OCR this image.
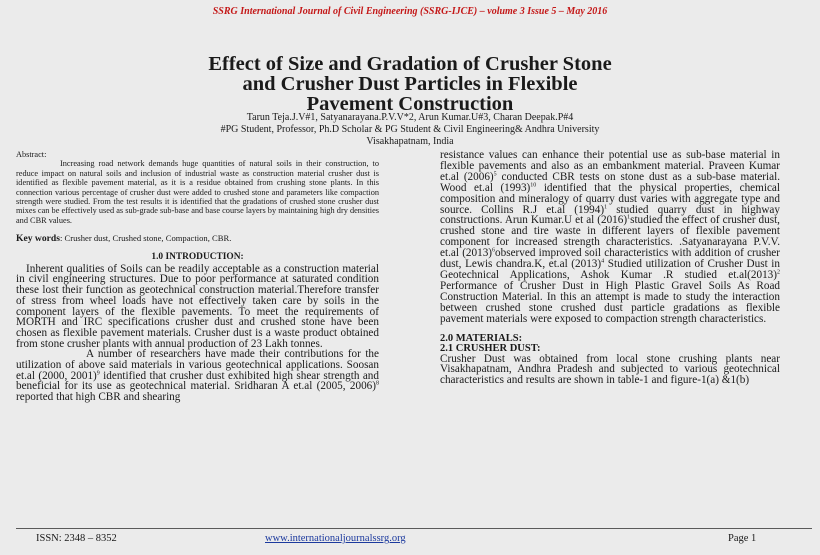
SSRG International Journal of Civil Engineering (SSRG-IJCE) – volume 3 Issue 5 – May 2016
Effect of Size and Gradation of Crusher Stone
and Crusher Dust Particles in Flexible
Pavement Construction
Tarun Teja.J.V#1, Satyanarayana.P.V.V*2, Arun Kumar.U#3, Charan Deepak.P#4
#PG Student, Professor, Ph.D Scholar & PG Student & Civil Engineering& Andhra University
Visakhapatnam, India

Abstract:
Increasing road network demands huge quantities of natural soils in their construction, to reduce impact on natural soils and inclusion of industrial waste as construction material crusher dust is identified as flexible pavement material, as it is a residue obtained from crushing stone plants. In this connection various percentage of crusher dust were added to crushed stone and parameters like compaction strength were studied. From the test results it is identified that the gradations of crushed stone crusher dust mixes can be effectively used as sub-grade sub-base and base course layers by maintaining high dry densities and CBR values.

Key words: Crusher dust, Crushed stone, Compaction, CBR.

1.0 INTRODUCTION:

Inherent qualities of Soils can be readily acceptable as a construction material in civil engineering structures. Due to poor performance at saturated condition these lost their function as geotechnical construction material.Therefore transfer of stress from wheel loads have not effectively taken care by soils in the component layers of the flexible pavements. To meet the requirements of MORTH and IRC specifications crusher dust and crushed stone have been chosen as flexible pavement materials. Crusher dust is a waste product obtained from stone crusher plants with annual production of 23 Lakh tonnes.

A number of researchers have made their contributions for the utilization of above said materials in various geotechnical applications. Soosan et.al (2000, 2001)$^9$ identified that crusher dust exhibited high shear strength and beneficial for its use as geotechnical material. Sridharan A et.al (2005, 2006)$^8$ reported that high CBR and shearing

resistance values can enhance their potential use as sub-base material in flexible pavements and also as an embankment material. Praveen Kumar et.al $(2006)^5$ conducted CBR tests on stone dust as a sub-base material. Wood et.al $(1993)^{10}$ identified that the physical properties, chemical composition and mineralogy of quarry dust varies with aggregate type and source. Collins R.J et.al $(1994)^1$ studied quarry dust in highway constructions. Arun Kumar.U et al $(2016)^1studied$ the effect of crusher dust, crushed stone and tire waste in different layers of flexible pavement component for increased strength characteristics. .Satyanarayana P.V.V. et.al $(2013)^6observed$ improved soil characteristics with addition of crusher dust, Lewis chandra.K, et.al $(2013)^4$ Studied utilization of Crusher Dust in Geotechnical Applications, Ashok Kumar .R studied $et.al(2013)^2$ Performance of Crusher Dust in High Plastic Gravel Soils As Road Construction Material. In this an attempt is made to study the interaction between crushed stone crushed dust particle gradations as flexible pavement materials were exposed to compaction strength characteristics.

2.0 MATERIALS:

2.1 CRUSHER DUST:

Crusher Dust was obtained from local stone crushing plants near Visakhapatnam, Andhra Pradesh and subjected to various geotechnical characteristics and results are shown in table-1 and figure-1(a) &1(b)

ISSN: 2348 – 8352	www.internationaljournalssrg.org	Page 1
